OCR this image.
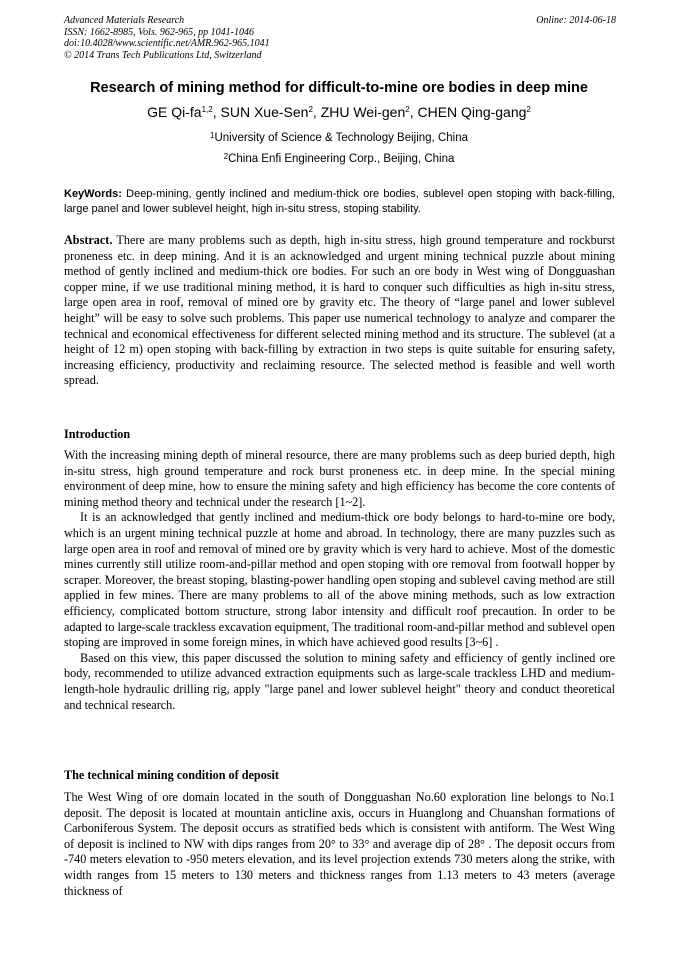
Advanced Materials Research
ISSN: 1662-8985, Vols. 962-965, pp 1041-1046
doi:10.4028/www.scientific.net/AMR.962-965.1041
© 2014 Trans Tech Publications Ltd, Switzerland
Online: 2014-06-18
Research of mining method for difficult-to-mine ore bodies in deep mine
GE Qi-fa$^{1,2}$, SUN Xue-Sen$^2$, ZHU Wei-gen$^2$, CHEN Qing-gang$^2$
$^1$University of Science & Technology Beijing, China
$^2$China Enfi Engineering Corp., Beijing, China
KeyWords: Deep-mining, gently inclined and medium-thick ore bodies, sublevel open stoping with back-filling, large panel and lower sublevel height, high in-situ stress, stoping stability.

Abstract. There are many problems such as depth, high in-situ stress, high ground temperature and rockburst proneness etc. in deep mining. And it is an acknowledged and urgent mining technical puzzle about mining method of gently inclined and medium-thick ore bodies. For such an ore body in West wing of Dongguashan copper mine, if we use traditional mining method, it is hard to conquer such difficulties as high in-situ stress, large open area in roof, removal of mined ore by gravity etc. The theory of “large panel and lower sublevel height” will be easy to solve such problems. This paper use numerical technology to analyze and comparer the technical and economical effectiveness for different selected mining method and its structure. The sublevel (at a height of 12 m) open stoping with back-filling by extraction in two steps is quite suitable for ensuring safety, increasing efficiency, productivity and reclaiming resource. The selected method is feasible and well worth spread.

Introduction

With the increasing mining depth of mineral resource, there are many problems such as deep buried depth, high in-situ stress, high ground temperature and rock burst proneness etc. in deep mine. In the special mining environment of deep mine, how to ensure the mining safety and high efficiency has become the core contents of mining method theory and technical under the research [1~2].

It is an acknowledged that gently inclined and medium-thick ore body belongs to hard-to-mine ore body, which is an urgent mining technical puzzle at home and abroad. In technology, there are many puzzles such as large open area in roof and removal of mined ore by gravity which is very hard to achieve. Most of the domestic mines currently still utilize room-and-pillar method and open stoping with ore removal from footwall hopper by scraper. Moreover, the breast stoping, blasting-power handling open stoping and sublevel caving method are still applied in few mines. There are many problems to all of the above mining methods, such as low extraction efficiency, complicated bottom structure, strong labor intensity and difficult roof precaution. In order to be adapted to large-scale trackless excavation equipment, The traditional room-and-pillar method and sublevel open stoping are improved in some foreign mines, in which have achieved good results [3~6] .

Based on this view, this paper discussed the solution to mining safety and efficiency of gently inclined ore body, recommended to utilize advanced extraction equipments such as large-scale trackless LHD and medium-length-hole hydraulic drilling rig, apply "large panel and lower sublevel height" theory and conduct theoretical and technical research.

The technical mining condition of deposit

The West Wing of ore domain located in the south of Dongguashan No.60 exploration line belongs to No.1 deposit. The deposit is located at mountain anticline axis, occurs in Huanglong and Chuanshan formations of Carboniferous System. The deposit occurs as stratified beds which is consistent with antiform. The West Wing of deposit is inclined to NW with dips ranges from 20° to 33° and average dip of 28° . The deposit occurs from -740 meters elevation to -950 meters elevation, and its level projection extends 730 meters along the strike, with width ranges from 15 meters to 130 meters and thickness ranges from 1.13 meters to 43 meters (average thickness of
